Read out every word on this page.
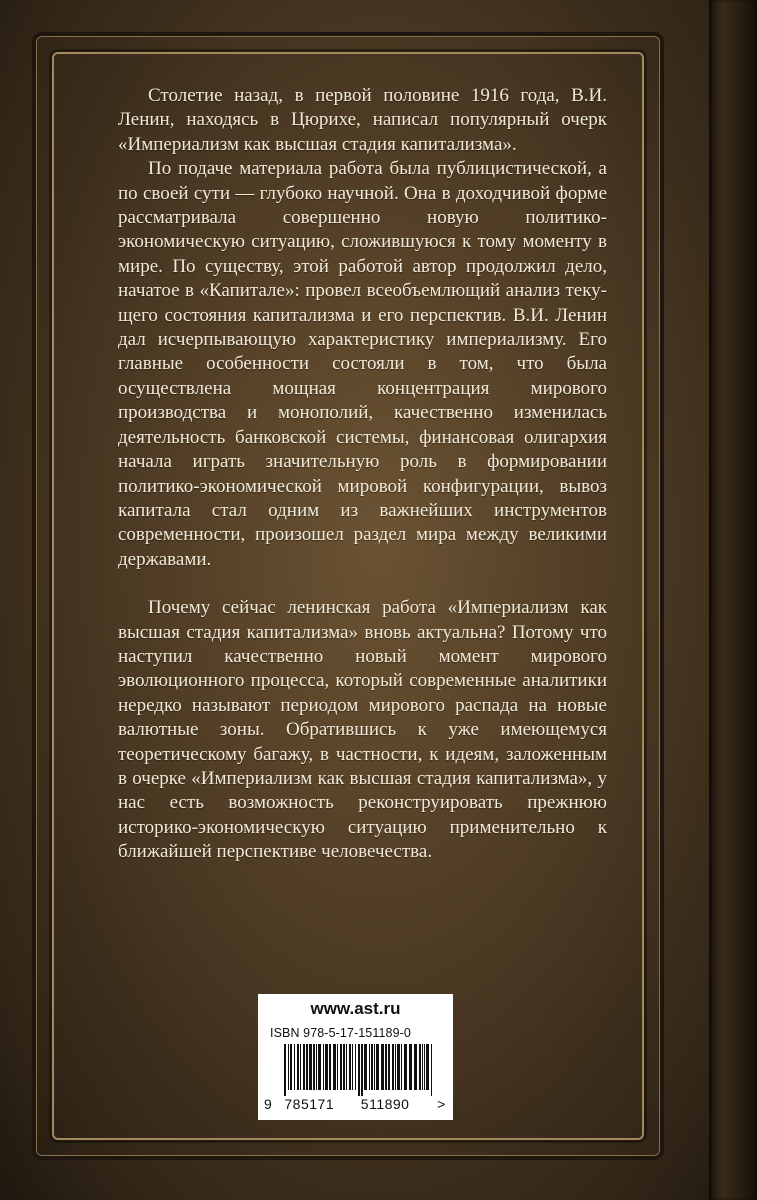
Столетие назад, в первой половине 1916 года, В.И. Ленин, находясь в Цюрихе, написал популярный очерк «Империализм как высшая стадия капитализма».

По подаче материала работа была публицистической, а по своей сути — глубоко научной. Она в доходчивой форме рассматривала совершенно новую политико-экономическую ситуацию, сложившуюся к тому моменту в мире. По существу, этой работой автор продолжил дело, начатое в «Капитале»: провел всеобъемлющий анализ текущего состояния капитализма и его перспектив. В.И. Ленин дал исчерпывающую характеристику империализму. Его главные особенности состояли в том, что была осуществлена мощная концентрация мирового производства и монополий, качественно изменилась деятельность банковской системы, финансовая олигархия начала играть значительную роль в формировании политико-экономической мировой конфигурации, вывоз капитала стал одним из важнейших инструментов современности, произошел раздел мира между великими державами.

Почему сейчас ленинская работа «Империализм как высшая стадия капитализма» вновь актуальна? Потому что наступил качественно новый момент мирового эволюционного процесса, который современные аналитики нередко называют периодом мирового распада на новые валютные зоны. Обратившись к уже имеющемуся теоретическому багажу, в частности, к идеям, заложенным в очерке «Империализм как высшая стадия капитализма», у нас есть возможность реконструировать прежнюю историко-экономическую ситуацию применительно к ближайшей перспективе человечества.

www.ast.ru
ISBN 978-5-17-151189-0
9 785171 511890 >
